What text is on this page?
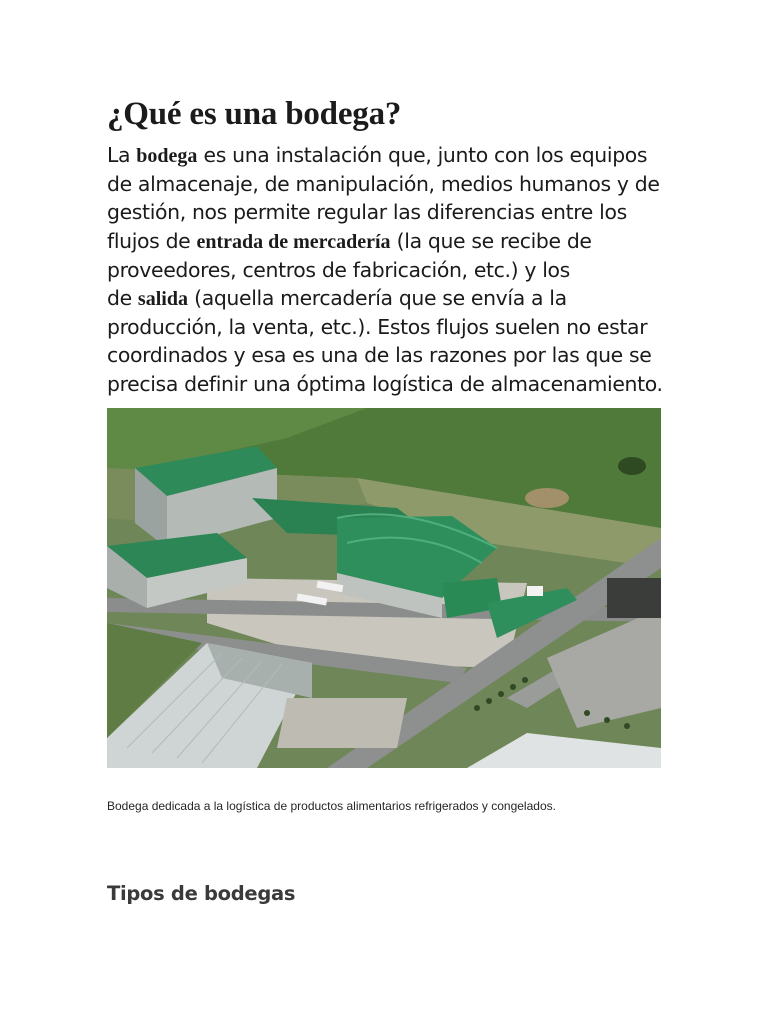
¿Qué es una bodega?

La bodega es una instalación que, junto con los equipos
de almacenaje, de manipulación, medios humanos y de
gestión, nos permite regular las diferencias entre los
flujos de entrada de mercadería (la que se recibe de
proveedores, centros de fabricación, etc.) y los
de salida (aquella mercadería que se envía a la
producción, la venta, etc.). Estos flujos suelen no estar
coordinados y esa es una de las razones por las que se
precisa definir una óptima logística de almacenamiento.

Bodega dedicada a la logística de productos alimentarios refrigerados y congelados.

Tipos de bodegas
